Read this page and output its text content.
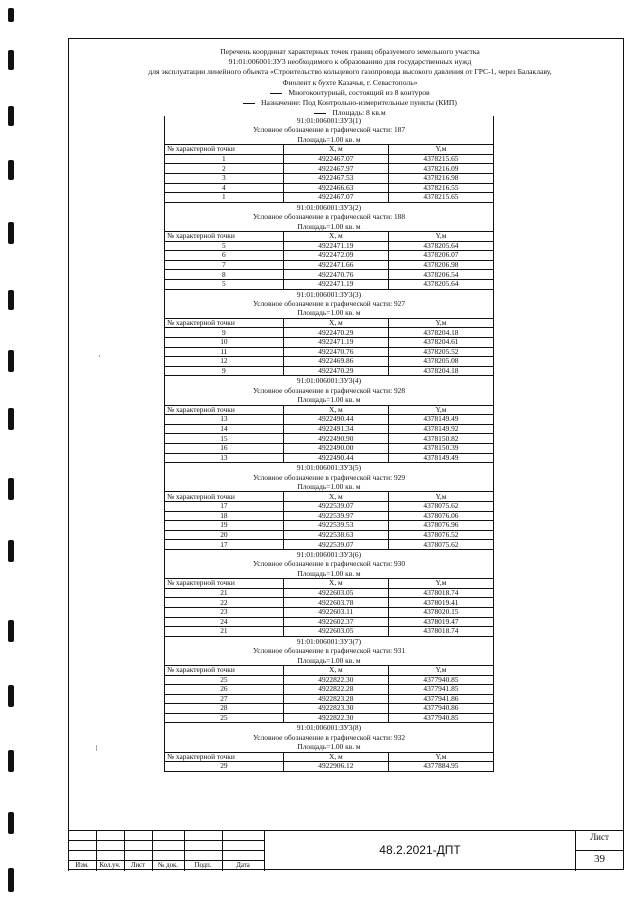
·
ǀ
Перечень координат характерных точек границ образуемого земельного участка
91:01:006001:ЗУ3 необходимого к образованию для государственных нужд
для эксплуатации линейного объекта «Строительство кольцевого газопровода высокого давления от ГРС-1, через Балаклаву,
Фиолент к бухте Казачья, г. Севастополь»
Многоконтурный, состоящий из 8 контуров
Назначение: Под Контрольно-измерительные пункты (КИП)
Площадь: 8 кв.м
91:01:006001:ЗУ3(1)		
Условное обозначение в графической части: 187		
Площадь=1.00 кв. м		
№ характерной точки	X, м	Y,м
1	4922467.07	4378215.65
2	4922467.97	4378216.09
3	4922467.53	4378216.98
4	4922466.63	4378216.55
1	4922467.07	4378215.65
91:01:006001:ЗУ3(2)		
Условное обозначение в графической части: 188		
Площадь=1.00 кв. м		
№ характерной точки	X, м	Y,м
5	4922471.19	4378205.64
6	4922472.09	4378206.07
7	4922471.66	4378206.98
8	4922470.76	4378206.54
5	4922471.19	4378205.64
91:01:006001:ЗУ3(3)		
Условное обозначение в графической части: 927		
Площадь=1.00 кв. м		
№ характерной точки	X, м	Y,м
9	4922470.29	4378204.18
10	4922471.19	4378204.61
11	4922470.76	4378205.52
12	4922469.86	4378205.08
9	4922470.29	4378204.18
91:01:006001:ЗУ3(4)		
Условное обозначение в графической части: 928		
Площадь=1.00 кв. м		
№ характерной точки	X, м	Y,м
13	4922490.44	4378149.49
14	4922491.34	4378149.92
15	4922490.90	4378150.82
16	4922490.00	4378150.39
13	4922490.44	4378149.49
91:01:006001:ЗУ3(5)		
Условное обозначение в графической части: 929		
Площадь=1.00 кв. м		
№ характерной точки	X, м	Y,м
17	4922539.07	4378075.62
18	4922539.97	4378076.06
19	4922539.53	4378076.96
20	4922538.63	4378076.52
17	4922539.07	4378075.62
91:01:006001:ЗУ3(6)		
Условное обозначение в графической части: 930		
Площадь=1.00 кв. м		
№ характерной точки	X, м	Y,м
21	4922603.05	4378018.74
22	4922603.78	4378019.41
23	4922603.11	4378020.15
24	4922602.37	4378019.47
21	4922603.05	4378018.74
91:01:006001:ЗУ3(7)		
Условное обозначение в графической части: 931		
Площадь=1.00 кв. м		
№ характерной точки	X, м	Y,м
25	4922822.30	4377940.85
26	4922822.28	4377941.85
27	4922823.28	4377941.86
28	4922823.30	4377940.86
25	4922822.30	4377940.85
91:01:006001:ЗУ3(8)		
Условное обозначение в графической части: 932		
Площадь=1.00 кв. м		
№ характерной точки	X, м	Y,м
29	4922906.12	4377884.95
Изм.	Кол.уч.	Лист	№ док.	Подп.	Дата
48.2.2021-ДПТ
Лист
39
